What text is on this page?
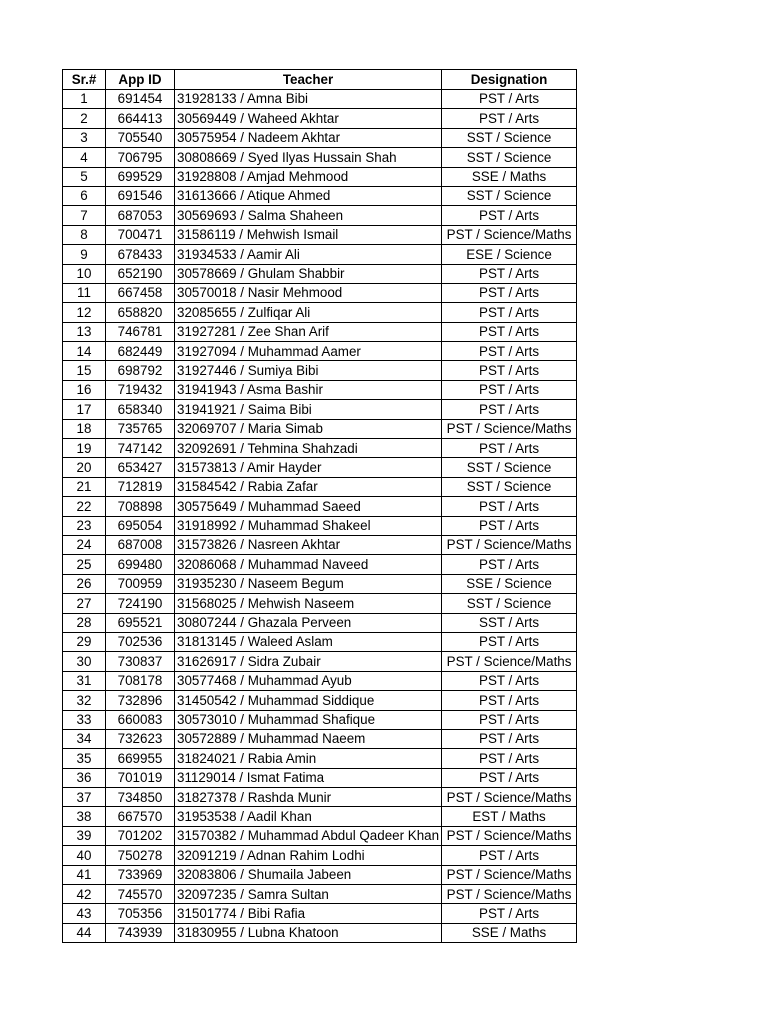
Sr.#	App ID	Teacher	Designation
1	691454	31928133 / Amna Bibi	PST / Arts
2	664413	30569449 / Waheed Akhtar	PST / Arts
3	705540	30575954 / Nadeem Akhtar	SST / Science
4	706795	30808669 / Syed Ilyas Hussain Shah	SST / Science
5	699529	31928808 / Amjad Mehmood	SSE / Maths
6	691546	31613666 / Atique Ahmed	SST / Science
7	687053	30569693 / Salma Shaheen	PST / Arts
8	700471	31586119 / Mehwish Ismail	PST / Science/Maths
9	678433	31934533 / Aamir Ali	ESE / Science
10	652190	30578669 / Ghulam Shabbir	PST / Arts
11	667458	30570018 / Nasir Mehmood	PST / Arts
12	658820	32085655 / Zulfiqar Ali	PST / Arts
13	746781	31927281 / Zee Shan Arif	PST / Arts
14	682449	31927094 / Muhammad Aamer	PST / Arts
15	698792	31927446 / Sumiya Bibi	PST / Arts
16	719432	31941943 / Asma Bashir	PST / Arts
17	658340	31941921 / Saima Bibi	PST / Arts
18	735765	32069707 / Maria Simab	PST / Science/Maths
19	747142	32092691 / Tehmina Shahzadi	PST / Arts
20	653427	31573813 / Amir Hayder	SST / Science
21	712819	31584542 / Rabia Zafar	SST / Science
22	708898	30575649 / Muhammad Saeed	PST / Arts
23	695054	31918992 / Muhammad Shakeel	PST / Arts
24	687008	31573826 / Nasreen Akhtar	PST / Science/Maths
25	699480	32086068 / Muhammad Naveed	PST / Arts
26	700959	31935230 / Naseem Begum	SSE / Science
27	724190	31568025 / Mehwish Naseem	SST / Science
28	695521	30807244 / Ghazala Perveen	SST / Arts
29	702536	31813145 / Waleed Aslam	PST / Arts
30	730837	31626917 / Sidra Zubair	PST / Science/Maths
31	708178	30577468 / Muhammad Ayub	PST / Arts
32	732896	31450542 / Muhammad Siddique	PST / Arts
33	660083	30573010 / Muhammad Shafique	PST / Arts
34	732623	30572889 / Muhammad Naeem	PST / Arts
35	669955	31824021 / Rabia Amin	PST / Arts
36	701019	31129014 / Ismat Fatima	PST / Arts
37	734850	31827378 / Rashda Munir	PST / Science/Maths
38	667570	31953538 / Aadil Khan	EST / Maths
39	701202	31570382 / Muhammad Abdul Qadeer Khan	PST / Science/Maths
40	750278	32091219 / Adnan Rahim Lodhi	PST / Arts
41	733969	32083806 / Shumaila Jabeen	PST / Science/Maths
42	745570	32097235 / Samra Sultan	PST / Science/Maths
43	705356	31501774 / Bibi Rafia	PST / Arts
44	743939	31830955 / Lubna Khatoon	SSE / Maths
